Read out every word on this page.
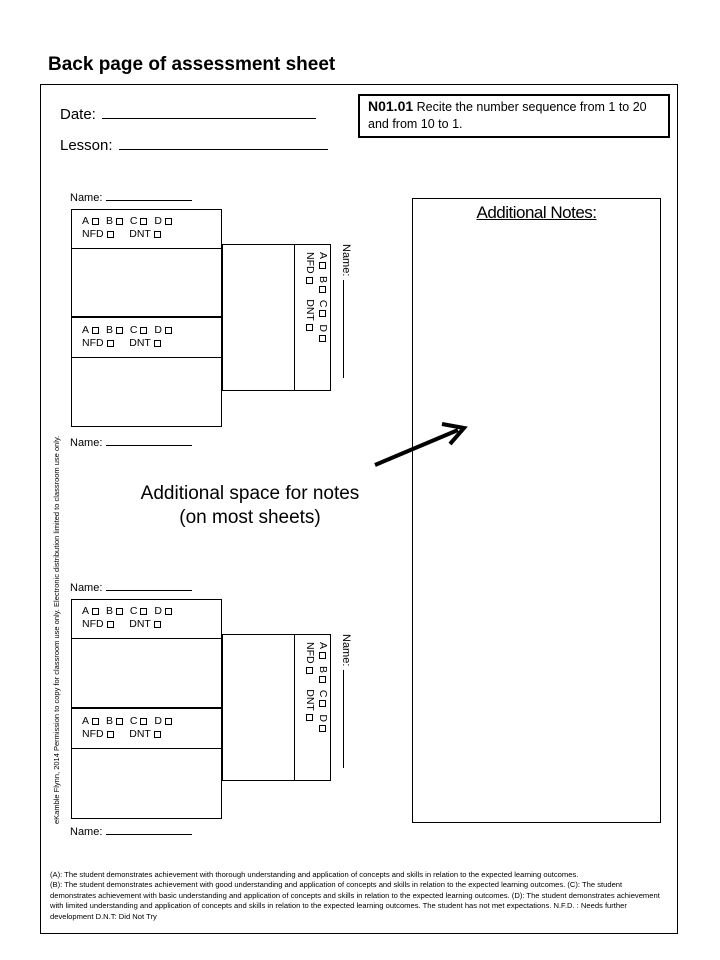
Back page of assessment sheet
Date:
Lesson:
N01.01 Recite the number sequence from 1 to 20 and from 10 to 1.
Additional Notes:
Name:
A B C D
NFD    DNT
Name:
A B C D
NFD DNT
A B C D
NFD DNT
Name:
Name:
A B C D
NFD    DNT
Name:
A B C D
NFD DNT
A B C D
NFD DNT
Name:
eKamble Flynn, 2014 Permission to copy for classroom use only. Electronic distribution limited to classroom use only.	Additional space for notes
(on most sheets)
(A): The student demonstrates achievement with thorough understanding and application of concepts and skills in relation to the expected learning outcomes.
(B): The student demonstrates achievement with good understanding and application of concepts and skills in relation to the expected learning outcomes. (C): The student demonstrates achievement with basic understanding and application of concepts and skills in relation to the expected learning outcomes. (D): The student demonstrates achievement with limited understanding and application of concepts and skills in relation to the expected learning outcomes. The student has not met expectations. N.F.D. : Needs further development D.N.T: Did Not Try
